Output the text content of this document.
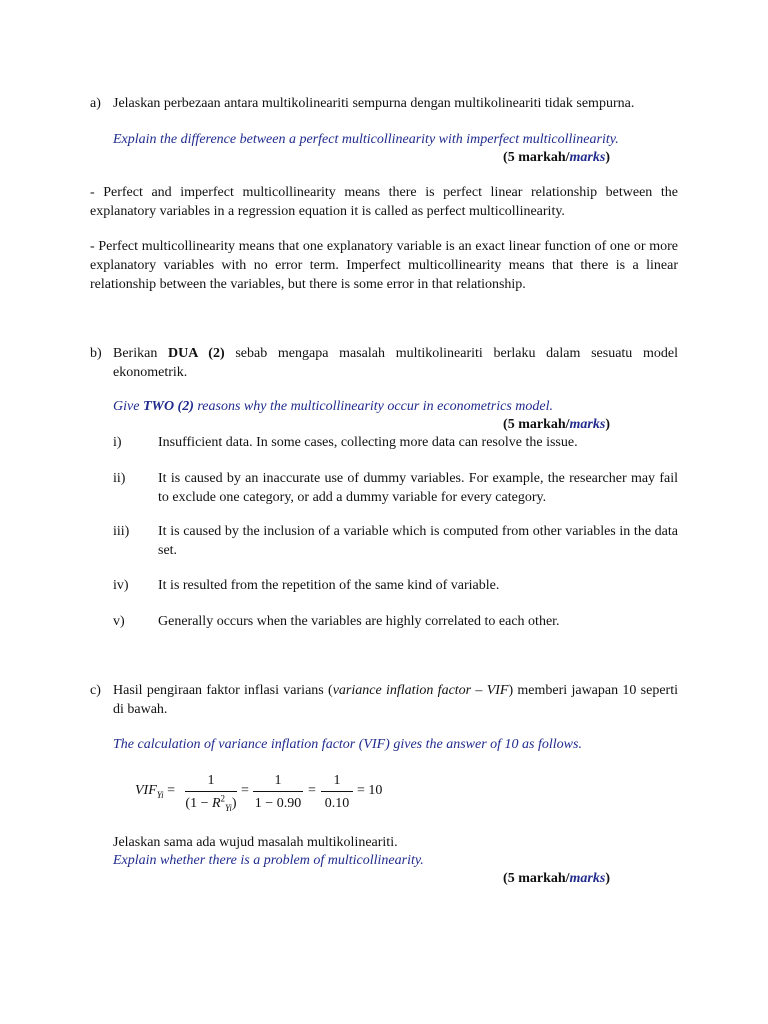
a) Jelaskan perbezaan antara multikolineariti sempurna dengan multikolineariti tidak sempurna.
Explain the difference between a perfect multicollinearity with imperfect multicollinearity.
(5 markah/marks)
- Perfect and imperfect multicollinearity means there is perfect linear relationship between the explanatory variables in a regression equation it is called as perfect multicollinearity.
- Perfect multicollinearity means that one explanatory variable is an exact linear function of one or more explanatory variables with no error term. Imperfect multicollinearity means that there is a linear relationship between the variables, but there is some error in that relationship.
b) Berikan DUA (2) sebab mengapa masalah multikolineariti berlaku dalam sesuatu model ekonometrik.
Give TWO (2) reasons why the multicollinearity occur in econometrics model.
(5 markah/marks)
i)	Insufficient data. In some cases, collecting more data can resolve the issue.
ii) It is caused by an inaccurate use of dummy variables. For example, the researcher may fail to exclude one category, or add a dummy variable for every category.
iii) It is caused by the inclusion of a variable which is computed from other variables in the data set.
iv) It is resulted from the repetition of the same kind of variable.
v) Generally occurs when the variables are highly correlated to each other.
c) Hasil pengiraan faktor inflasi varians (variance inflation factor – VIF) memberi jawapan 10 seperti di bawah.
The calculation of variance inflation factor (VIF) gives the answer of 10 as follows.
$VIF_{Yi}$ =
1
$(1 - R^2_{Yi})$
=
1
1 − 0.90
=
1
0.10
= 10
Jelaskan sama ada wujud masalah multikolineariti.
Explain whether there is a problem of multicollinearity.
(5 markah/marks)
